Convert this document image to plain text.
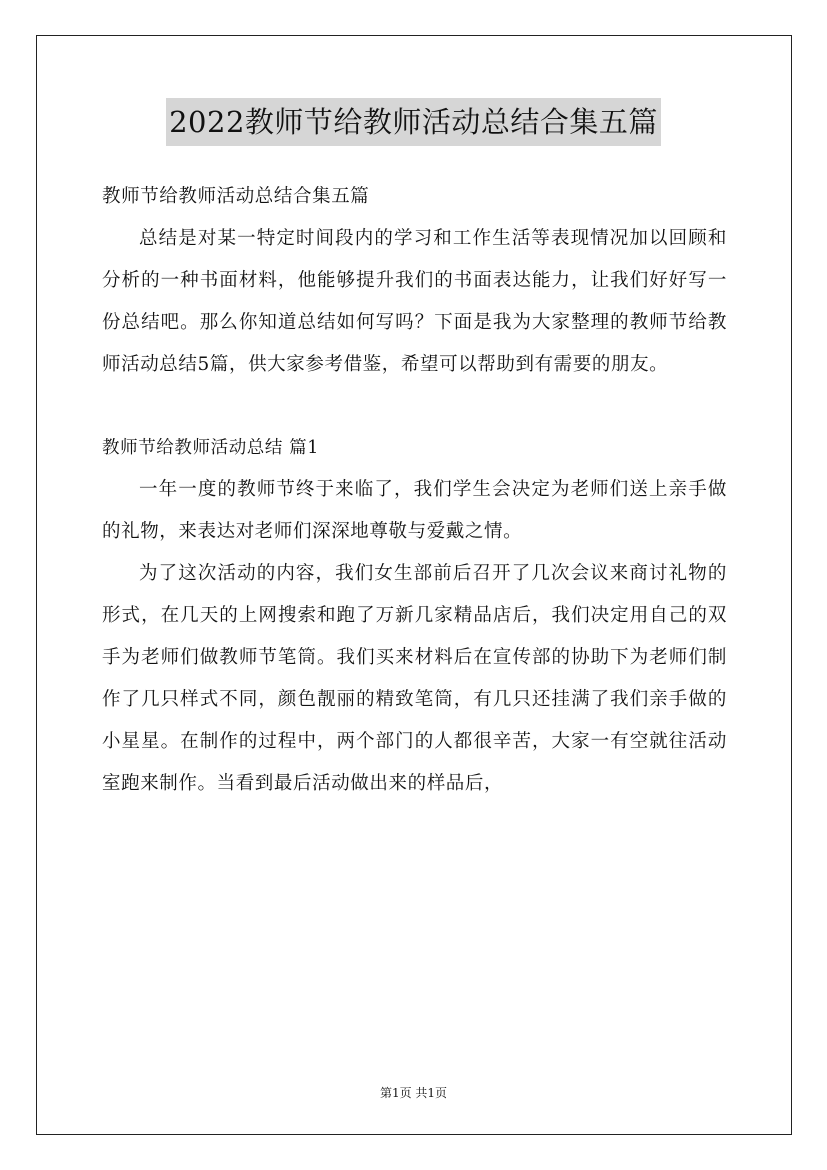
2022教师节给教师活动总结合集五篇

教师节给教师活动总结合集五篇

总结是对某一特定时间段内的学习和工作生活等表现情况加以回顾和分析的一种书面材料，他能够提升我们的书面表达能力，让我们好好写一份总结吧。那么你知道总结如何写吗？下面是我为大家整理的教师节给教师活动总结5篇，供大家参考借鉴，希望可以帮助到有需要的朋友。

教师节给教师活动总结 篇1

一年一度的教师节终于来临了，我们学生会决定为老师们送上亲手做的礼物，来表达对老师们深深地尊敬与爱戴之情。

为了这次活动的内容，我们女生部前后召开了几次会议来商讨礼物的形式，在几天的上网搜索和跑了万新几家精品店后，我们决定用自己的双手为老师们做教师节笔筒。我们买来材料后在宣传部的协助下为老师们制作了几只样式不同，颜色靓丽的精致笔筒，有几只还挂满了我们亲手做的小星星。在制作的过程中，两个部门的人都很辛苦，大家一有空就往活动室跑来制作。当看到最后活动做出来的样品后，

第1页 共1页
